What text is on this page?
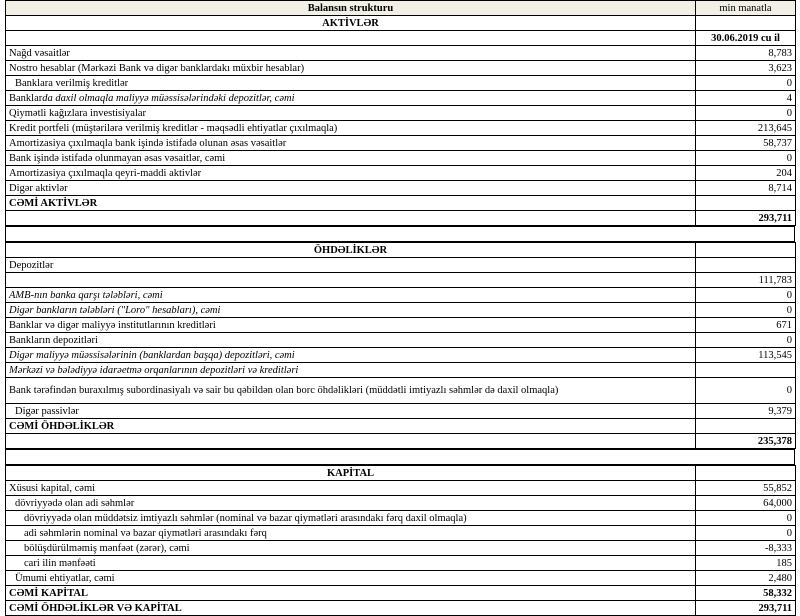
Balansın strukturu	min manatla
AKTİVLƏR	
	30.06.2019 cu il
Nağd vəsaitlər	8,783
Nostro hesablar (Mərkəzi Bank və digər banklardakı müxbir hesablar)	3,623
Banklara verilmiş kreditlər	0
Banklarda daxil olmaqla maliyyə müəssisələrindəki depozitlər, cəmi	4
Qiymətli kağızlara investisiyalar	0
Kredit portfeli (müştərilərə verilmiş kreditlər - məqsədli ehtiyatlar çıxılmaqla)	213,645
Amortizasiya çıxılmaqla bank işində istifadə olunan əsas vəsaitlər	58,737
Bank işində istifadə olunmayan əsas vəsaitlər, cəmi	0
Amortizasiya çıxılmaqla qeyri-maddi aktivlər	204
Digər aktivlər	8,714
CƏMİ AKTİVLƏR	
	293,711

ÖHDƏLİKLƏR	
Depozitlər	
	111,783
AMB-nın banka qarşı tələbləri, cəmi	0
Digər bankların tələbləri ("Loro" hesabları), cəmi	0
Banklar və digər maliyyə institutlarının kreditləri	671
Bankların depozitləri	0
Digər maliyyə müəssisələrinin (banklardan başqa) depozitləri, cəmi	113,545
Mərkəzi və bələdiyyə idarəetmə orqanlarının depozitləri və kreditləri	
Bank tərəfindən buraxılmış subordinasiyalı və sair bu qəbildən olan borc öhdəlikləri (müddətli imtiyazlı səhmlər də daxil olmaqla)	0
Digər passivlər	9,379
CƏMİ ÖHDƏLİKLƏR	
	235,378

KAPİTAL	
Xüsusi kapital, cəmi	55,852
dövriyyədə olan adi səhmlər	64,000
dövriyyədə olan müddətsiz imtiyazlı səhmlər (nominal və bazar qiymətləri arasındakı fərq daxil olmaqla)	0
adi səhmlərin nominal və bazar qiymətləri arasındakı fərq	0
bölüşdürülməmiş mənfəət (zərər), cəmi	-8,333
cari ilin mənfəəti	185
Ümumi ehtiyatlar, cəmi	2,480
CƏMİ KAPİTAL	58,332
CƏMİ ÖHDƏLİKLƏR VƏ KAPİTAL	293,711
